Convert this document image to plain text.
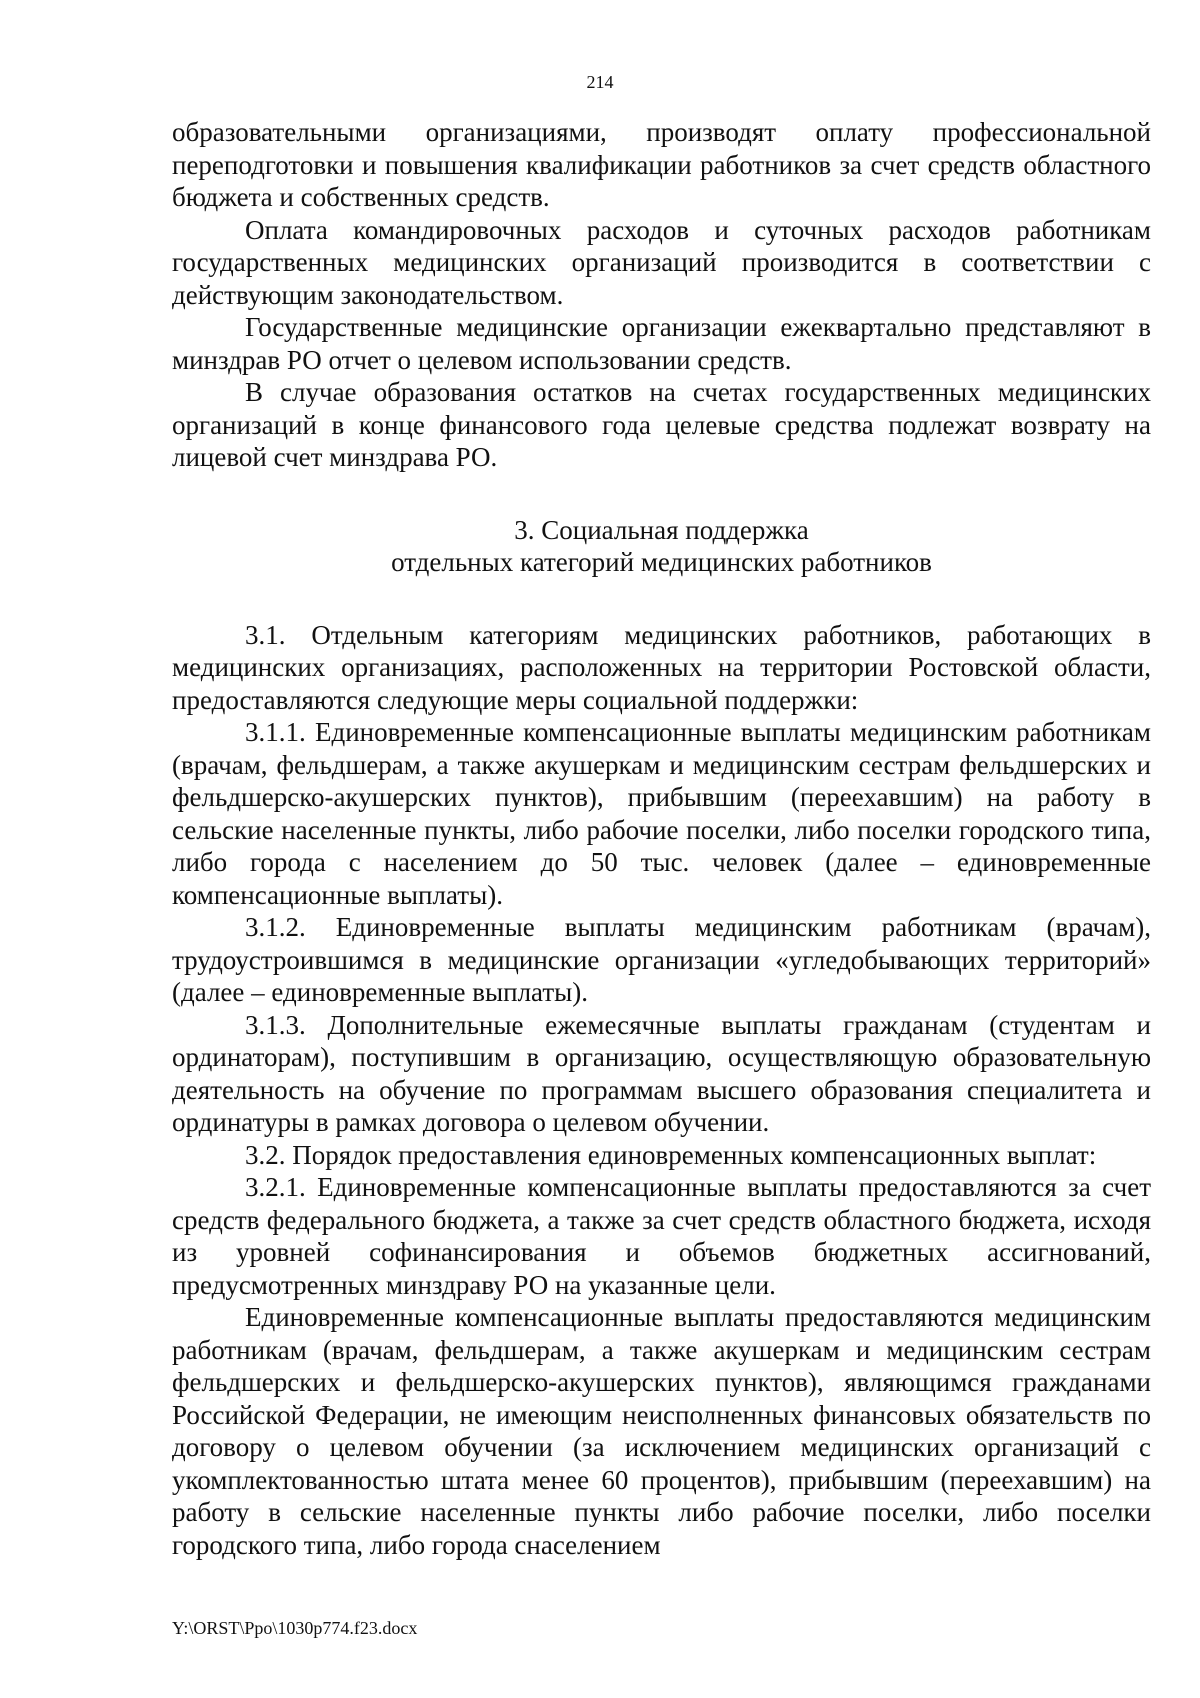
214

образовательными организациями, производят оплату профессиональной переподготовки и повышения квалификации работников за счет средств областного бюджета и собственных средств.

Оплата командировочных расходов и суточных расходов работникам государственных медицинских организаций производится в соответствии с действующим законодательством.

Государственные медицинские организации ежеквартально представляют в минздрав РО отчет о целевом использовании средств.

В случае образования остатков на счетах государственных медицинских организаций в конце финансового года целевые средства подлежат возврату на лицевой счет минздрава РО.

3. Социальная поддержка
отдельных категорий медицинских работников

3.1. Отдельным категориям медицинских работников, работающих в медицинских организациях, расположенных на территории Ростовской области, предоставляются следующие меры социальной поддержки:

3.1.1. Единовременные компенсационные выплаты медицинским работникам (врачам, фельдшерам, а также акушеркам и медицинским сестрам фельдшерских и фельдшерско-акушерских пунктов), прибывшим (переехавшим) на работу в сельские населенные пункты, либо рабочие поселки, либо поселки городского типа, либо города с населением до 50 тыс. человек (далее – единовременные компенсационные выплаты).

3.1.2. Единовременные выплаты медицинским работникам (врачам), трудоустроившимся в медицинские организации «угледобывающих территорий» (далее – единовременные выплаты).

3.1.3. Дополнительные ежемесячные выплаты гражданам (студентам и ординаторам), поступившим в организацию, осуществляющую образовательную деятельность на обучение по программам высшего образования специалитета и ординатуры в рамках договора о целевом обучении.

3.2. Порядок предоставления единовременных компенсационных выплат:

3.2.1. Единовременные компенсационные выплаты предоставляются за счет средств федерального бюджета, а также за счет средств областного бюджета, исходя из уровней софинансирования и объемов бюджетных ассигнований, предусмотренных минздраву РО на указанные цели.

Единовременные компенсационные выплаты предоставляются медицинским работникам (врачам, фельдшерам, а также акушеркам и медицинским сестрам фельдшерских и фельдшерско-акушерских пунктов), являющимся гражданами Российской Федерации, не имеющим неисполненных финансовых обязательств по договору о целевом обучении (за исключением медицинских организаций с укомплектованностью штата менее 60 процентов), прибывшим (переехавшим) на работу в сельские населенные пункты либо рабочие поселки, либо поселки городского типа, либо города снаселением

Y:\ORST\Ppo\1030p774.f23.docx
